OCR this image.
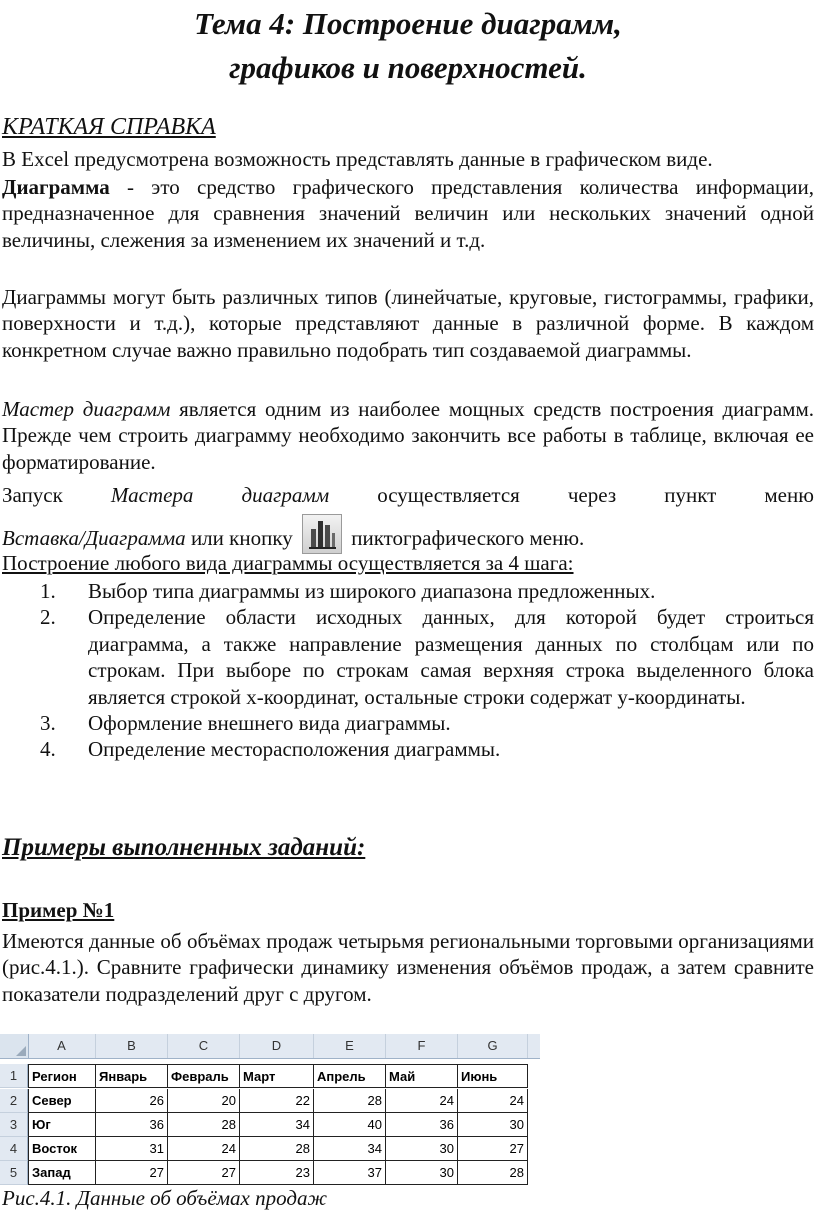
Тема 4: Построение диаграмм,
графиков и поверхностей.
КРАТКАЯ СПРАВКА
В Excel предусмотрена возможность представлять данные в графическом виде.
Диаграмма - это средство графического представления количества информации, предназначенное для сравнения значений величин или нескольких значений одной величины, слежения за изменением их значений и т.д.
Диаграммы могут быть различных типов (линейчатые, круговые, гистограммы, графики, поверхности и т.д.), которые представляют данные в различной форме. В каждом конкретном случае важно правильно подобрать тип создаваемой диаграммы.
Мастер диаграмм является одним из наиболее мощных средств построения диаграмм. Прежде чем строить диаграмму необходимо закончить все работы в таблице, включая ее форматирование.
Запуск Мастера диаграмм осуществляется через пункт меню
Вставка/Диаграмма или кнопку
пиктографического меню.
Построение любого вида диаграммы осуществляется за 4 шага:
1. Выбор типа диаграммы из широкого диапазона предложенных.
2. Определение области исходных данных, для которой будет строиться диаграмма, а также направление размещения данных по столбцам или по строкам. При выборе по строкам самая верхняя строка выделенного блока является строкой x-координат, остальные строки содержат y-координаты.
3. Оформление внешнего вида диаграммы.
4. Определение месторасположения диаграммы.
Примеры выполненных заданий:
Пример №1
Имеются данные об объёмах продаж четырьмя региональными торговыми организациями (рис.4.1.). Сравните графически динамику изменения объёмов продаж, а затем сравните показатели подразделений друг с другом.
A	B	C	D	E	F	G
1
2
3
4
5
Регион	Январь	Февраль	Март	Апрель	Май	Июнь
Север	26	20	22	28	24	24
Юг	36	28	34	40	36	30
Восток	31	24	28	34	30	27
Запад	27	27	23	37	30	28
Рис.4.1. Данные об объёмах продаж
